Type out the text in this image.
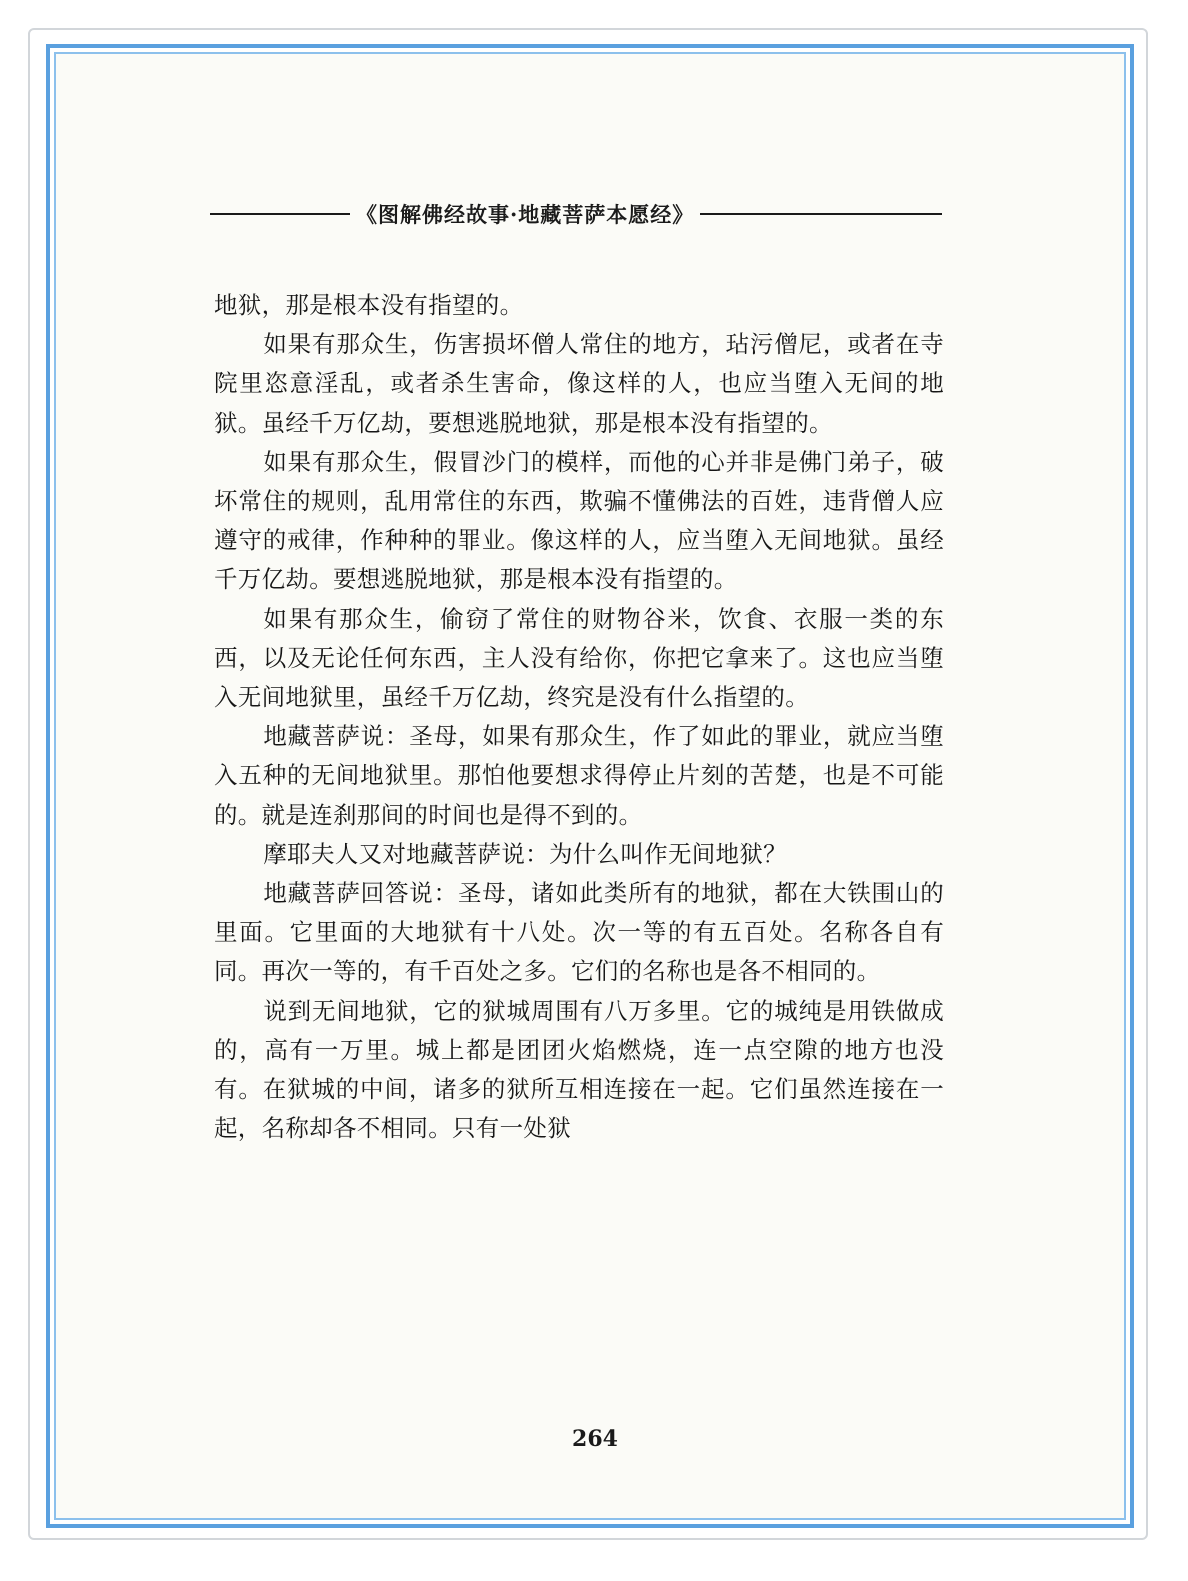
《图解佛经故事·地藏菩萨本愿经》

地狱，那是根本没有指望的。

如果有那众生，伤害损坏僧人常住的地方，玷污僧尼，或者在寺院里恣意淫乱，或者杀生害命，像这样的人，也应当堕入无间的地狱。虽经千万亿劫，要想逃脱地狱，那是根本没有指望的。

如果有那众生，假冒沙门的模样，而他的心并非是佛门弟子，破坏常住的规则，乱用常住的东西，欺骗不懂佛法的百姓，违背僧人应遵守的戒律，作种种的罪业。像这样的人，应当堕入无间地狱。虽经千万亿劫。要想逃脱地狱，那是根本没有指望的。

如果有那众生，偷窃了常住的财物谷米，饮食、衣服一类的东西，以及无论任何东西，主人没有给你，你把它拿来了。这也应当堕入无间地狱里，虽经千万亿劫，终究是没有什么指望的。

地藏菩萨说：圣母，如果有那众生，作了如此的罪业，就应当堕入五种的无间地狱里。那怕他要想求得停止片刻的苦楚，也是不可能的。就是连刹那间的时间也是得不到的。

摩耶夫人又对地藏菩萨说：为什么叫作无间地狱？

地藏菩萨回答说：圣母，诸如此类所有的地狱，都在大铁围山的里面。它里面的大地狱有十八处。次一等的有五百处。名称各自有同。再次一等的，有千百处之多。它们的名称也是各不相同的。

说到无间地狱，它的狱城周围有八万多里。它的城纯是用铁做成的，高有一万里。城上都是团团火焰燃烧，连一点空隙的地方也没有。在狱城的中间，诸多的狱所互相连接在一起。它们虽然连接在一起，名称却各不相同。只有一处狱

264
